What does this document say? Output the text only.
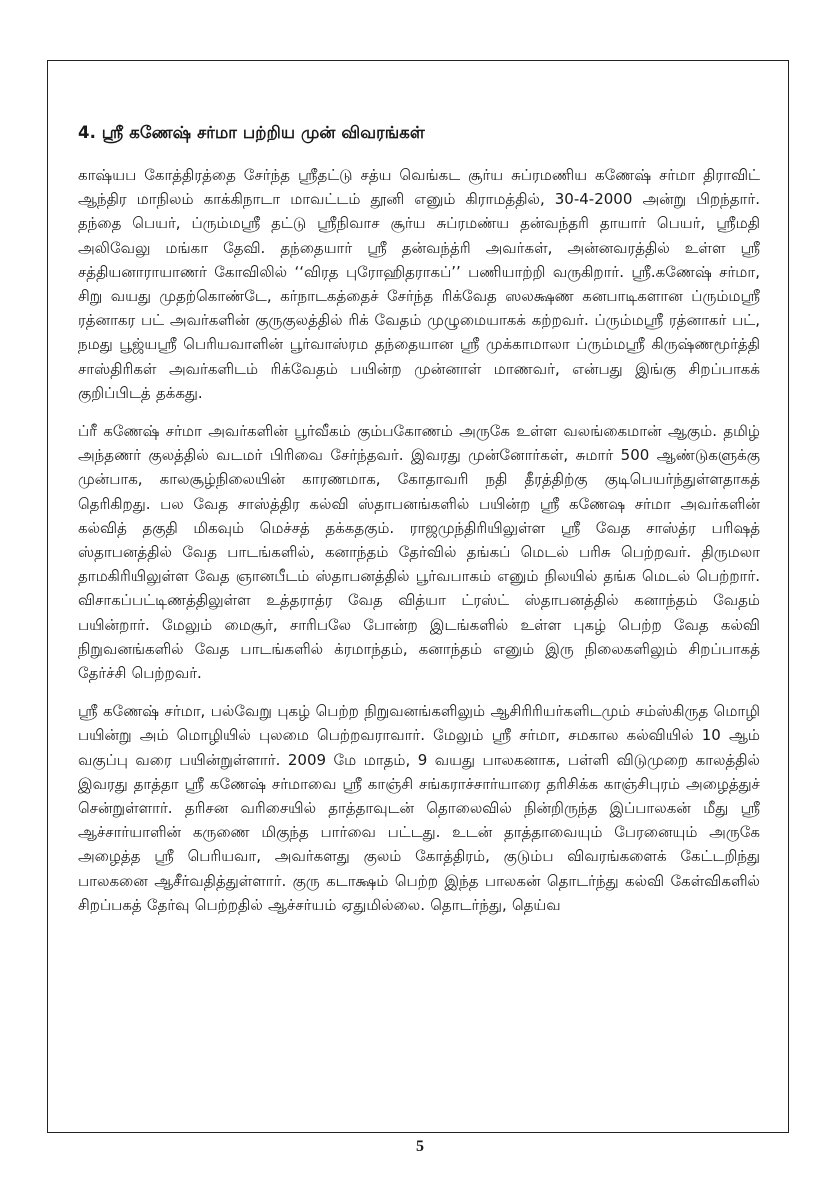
4. ஸ்ரீ கணேஷ் சர்மா பற்றிய முன் விவரங்கள்

காஷ்யப கோத்திரத்தை சேர்ந்த ஸ்ரீதட்டு சத்ய வெங்கட சூர்ய சுப்ரமணிய கணேஷ் சர்மா திராவிட் ஆந்திர மாநிலம் காக்கிநாடா மாவட்டம் தூனி எனும் கிராமத்தில், 30-4-2000 அன்று பிறந்தார். தந்தை பெயர், ப்ரும்மஸ்ரீ தட்டு ஸ்ரீநிவாச சூர்ய சுப்ரமண்ய தன்வந்தரி தாயார் பெயர், ஸ்ரீமதி அலிவேலு மங்கா தேவி. தந்தையார் ஸ்ரீ தன்வந்த்ரி அவர்கள், அன்னவரத்தில் உள்ள ஸ்ரீ சத்தியனாராயாணர் கோவிலில் ‘‘விரத புரோஹிதராகப்’’ பணியாற்றி வருகிறார். ஸ்ரீ.கணேஷ் சர்மா, சிறு வயது முதற்கொண்டே, கர்நாடகத்தைச் சேர்ந்த ரிக்வேத ஸலக்ஷண கனபாடிகளான ப்ரும்மஸ்ரீ ரத்னாகர பட் அவர்களின் குருகுலத்தில் ரிக் வேதம் முழுமையாகக் கற்றவர். ப்ரும்மஸ்ரீ ரத்னாகர் பட், நமது பூஜ்யஸ்ரீ பெரியவாளின் பூர்வாஸ்ரம தந்தையான ஸ்ரீ முக்காமாலா ப்ரும்மஸ்ரீ கிருஷ்ணமூர்த்தி சாஸ்திரிகள் அவர்களிடம் ரிக்வேதம் பயின்ற முன்னாள் மாணவர், என்பது இங்கு சிறப்பாகக் குறிப்பிடத் தக்கது.

ப்ரீ கணேஷ் சர்மா அவர்களின் பூர்வீகம் கும்பகோணம் அருகே உள்ள வலங்கைமான் ஆகும். தமிழ் அந்தணர் குலத்தில் வடமர் பிரிவை சேர்ந்தவர். இவரது முன்னோர்கள், சுமார் 500 ஆண்டுகளுக்கு முன்பாக, காலசூழ்நிலையின் காரணமாக, கோதாவரி நதி தீரத்திற்கு குடிபெயர்ந்துள்ளதாகத் தெரிகிறது. பல வேத சாஸ்த்திர கல்வி ஸ்தாபனங்களில் பயின்ற ஸ்ரீ கணேஷ சர்மா அவர்களின் கல்வித் தகுதி மிகவும் மெச்சத் தக்கதகும். ராஜமுந்திரியிலுள்ள ஸ்ரீ வேத சாஸ்த்ர பரிஷத் ஸ்தாபனத்தில் வேத பாடங்களில், கனாந்தம் தேர்வில் தங்கப் மெடல் பரிசு பெற்றவர். திருமலா தாமகிரியிலுள்ள வேத ஞானபீடம் ஸ்தாபனத்தில் பூர்வபாகம் எனும் நிலயில் தங்க மெடல் பெற்றார். விசாகப்பட்டிணத்திலுள்ள உத்தராத்ர வேத வித்யா ட்ரஸ்ட் ஸ்தாபனத்தில் கனாந்தம் வேதம் பயின்றார். மேலும் மைசூர், சாரிபலே போன்ற இடங்களில் உள்ள புகழ் பெற்ற வேத கல்வி நிறுவனங்களில் வேத பாடங்களில் க்ரமாந்தம், கனாந்தம் எனும் இரு நிலைகளிலும் சிறப்பாகத் தேர்ச்சி பெற்றவர்.

ஸ்ரீ கணேஷ் சர்மா, பல்வேறு புகழ் பெற்ற நிறுவனங்களிலும் ஆசிரிரியர்களிடமும் சம்ஸ்கிருத மொழி பயின்று அம் மொழியில் புலமை பெற்றவராவார். மேலும் ஸ்ரீ சர்மா, சமகால கல்வியில் 10 ஆம் வகுப்பு வரை பயின்றுள்ளார். 2009 மே மாதம், 9 வயது பாலகனாக, பள்ளி விடுமுறை காலத்தில் இவரது தாத்தா ஸ்ரீ கணேஷ் சர்மாவை ஸ்ரீ காஞ்சி சங்கராச்சார்யாரை தரிசிக்க காஞ்சிபுரம் அழைத்துச் சென்றுள்ளார். தரிசன வரிசையில் தாத்தாவுடன் தொலைவில் நின்றிருந்த இப்பாலகன் மீது ஸ்ரீ ஆச்சார்யாளின் கருணை மிகுந்த பார்வை பட்டது. உடன் தாத்தாவையும் பேரனையும் அருகே அழைத்த ஸ்ரீ பெரியவா, அவர்களது குலம் கோத்திரம், குடும்ப விவரங்களைக் கேட்டறிந்து பாலகனை ஆசீர்வதித்துள்ளார். குரு கடாக்ஷம் பெற்ற இந்த பாலகன் தொடர்ந்து கல்வி கேள்விகளில் சிறப்பகத் தேர்வு பெற்றதில் ஆச்சர்யம் ஏதுமில்லை. தொடர்ந்து, தெய்வ

5
